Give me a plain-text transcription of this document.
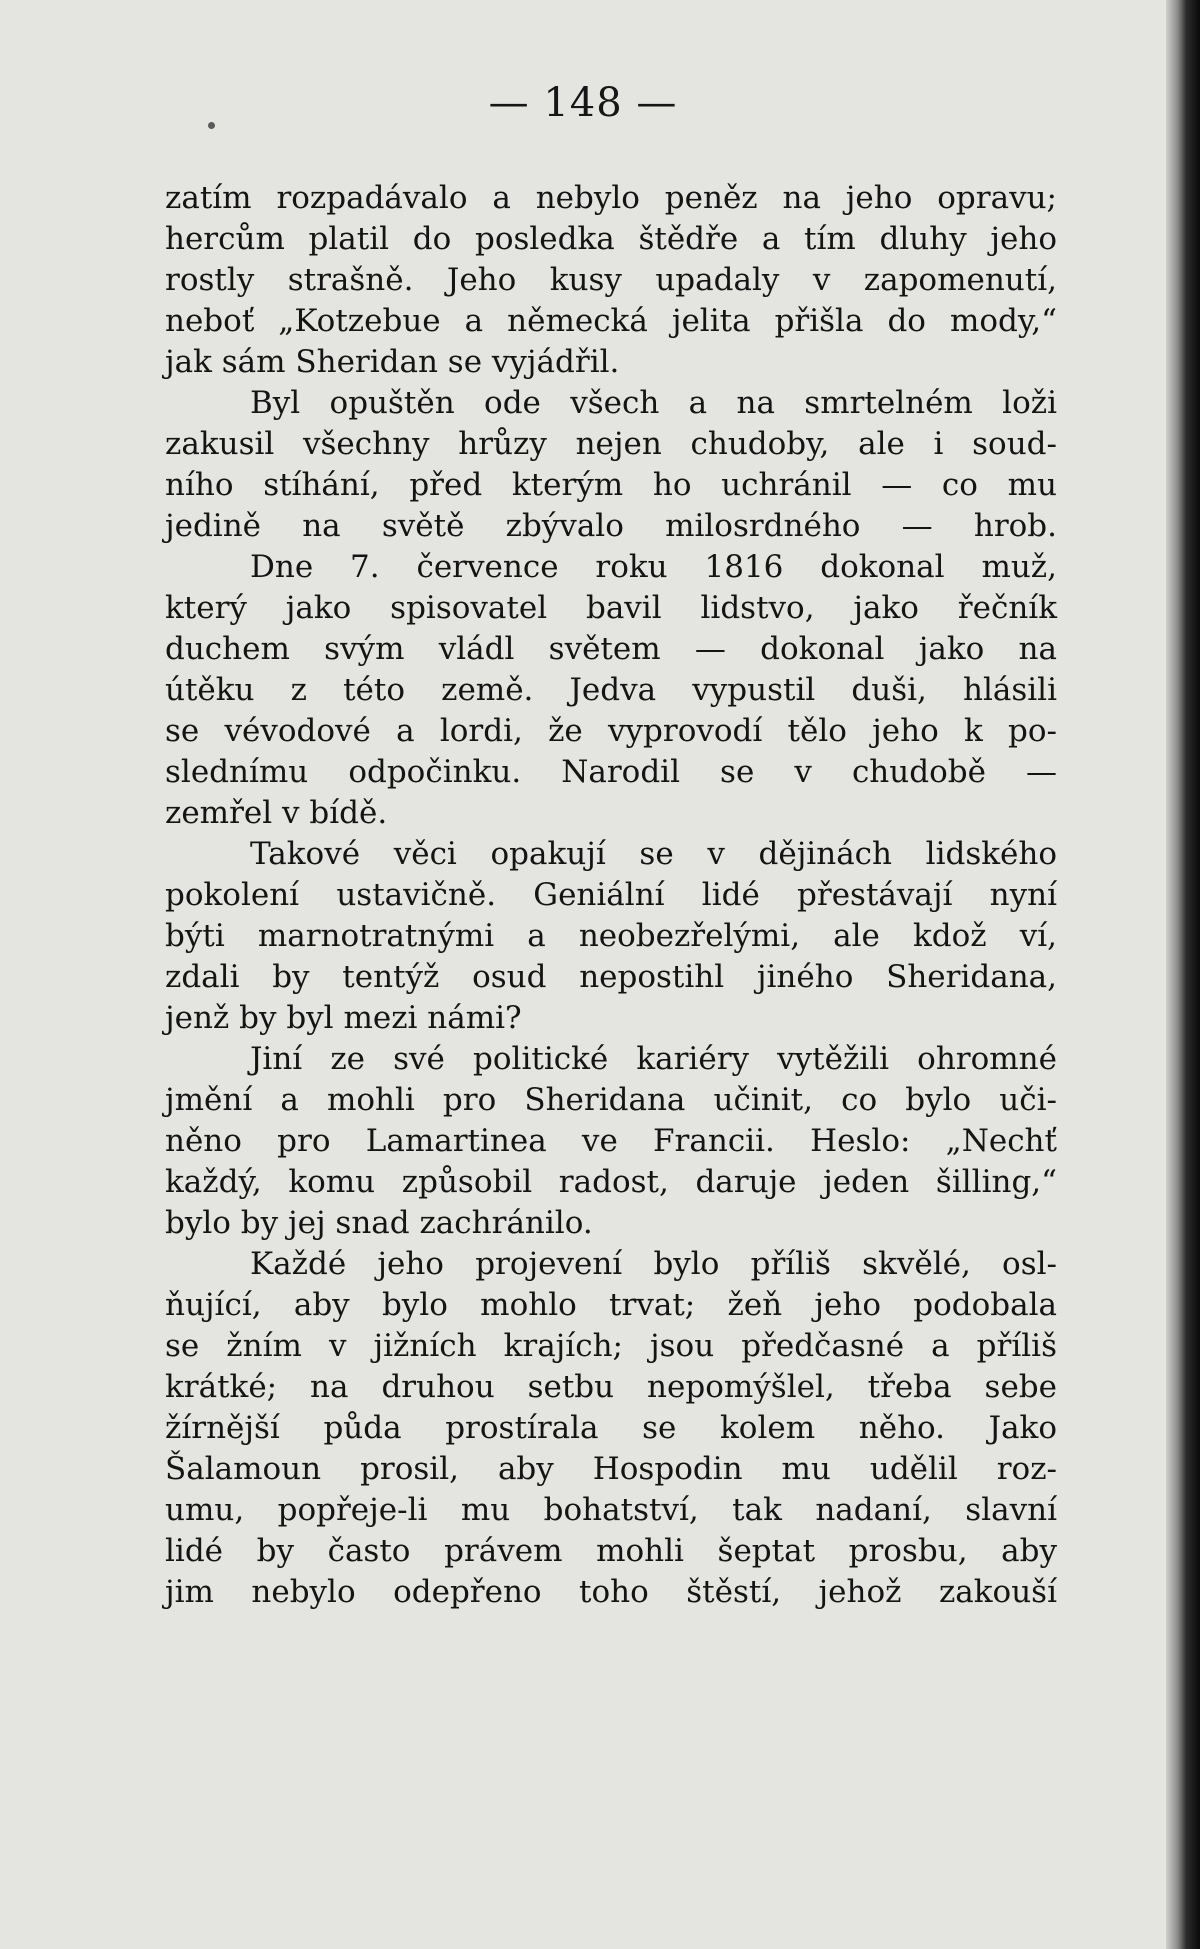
— 148 —
zatím rozpadávalo a nebylo peněz na jeho opravu;
hercům platil do posledka štědře a tím dluhy jeho
rostly strašně. Jeho kusy upadaly v zapomenutí,
neboť „Kotzebue a německá jelita přišla do mody,“
jak sám Sheridan se vyjádřil.
Byl opuštěn ode všech a na smrtelném loži
zakusil všechny hrůzy nejen chudoby, ale i soud-
ního stíhání, před kterým ho uchránil — co mu
jedině na světě zbývalo milosrdného — hrob.
Dne 7. července roku 1816 dokonal muž,
který jako spisovatel bavil lidstvo, jako řečník
duchem svým vládl světem — dokonal jako na
útěku z této země. Jedva vypustil duši, hlásili
se vévodové a lordi, že vyprovodí tělo jeho k po-
slednímu odpočinku. Narodil se v chudobě —
zemřel v bídě.
Takové věci opakují se v dějinách lidského
pokolení ustavičně. Geniální lidé přestávají nyní
býti marnotratnými a neobezřelými, ale kdož ví,
zdali by tentýž osud nepostihl jiného Sheridana,
jenž by byl mezi námi?
Jiní ze své politické kariéry vytěžili ohromné
jmění a mohli pro Sheridana učinit, co bylo uči-
něno pro Lamartinea ve Francii. Heslo: „Nechť
každý, komu způsobil radost, daruje jeden šilling,“
bylo by jej snad zachránilo.
Každé jeho projevení bylo příliš skvělé, osl-
ňující, aby bylo mohlo trvat; žeň jeho podobala
se žním v jižních krajích; jsou předčasné a příliš
krátké; na druhou setbu nepomýšlel, třeba sebe
žírnější půda prostírala se kolem něho. Jako
Šalamoun prosil, aby Hospodin mu udělil roz-
umu, popřeje-li mu bohatství, tak nadaní, slavní
lidé by často právem mohli šeptat prosbu, aby
jim nebylo odepřeno toho štěstí, jehož zakouší
